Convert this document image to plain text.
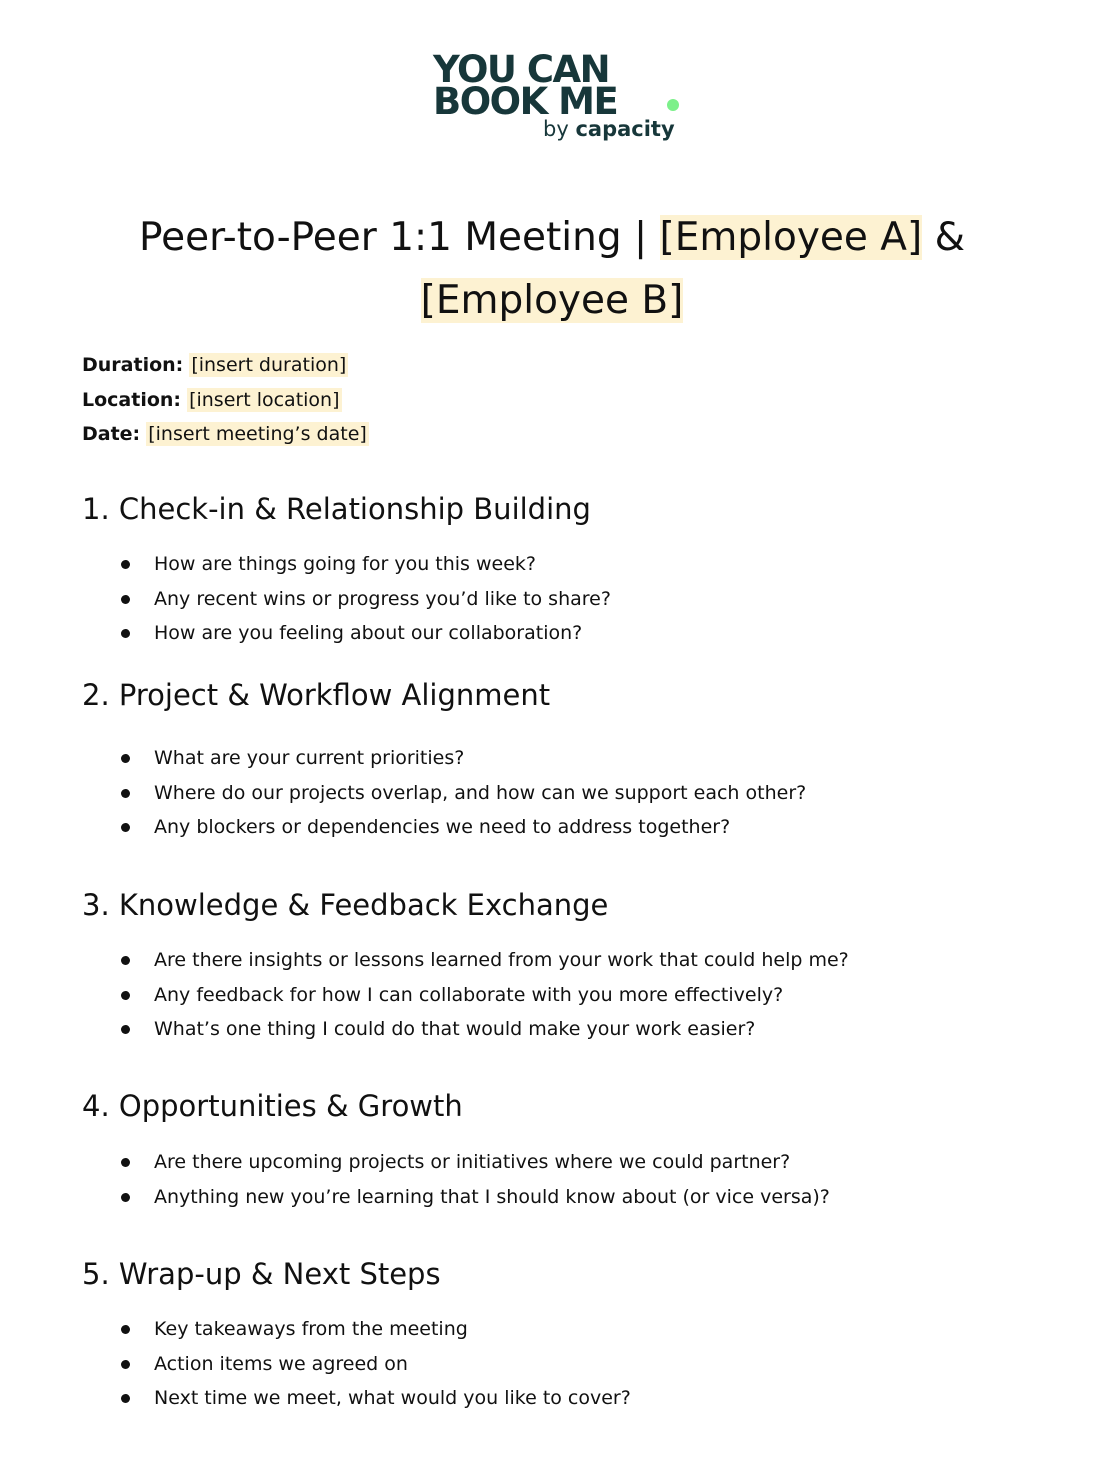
YOU CAN
BOOK ME
by capacity
Peer-to-Peer 1:1 Meeting | [Employee A] &
[Employee B]
Duration: [insert duration]
Location: [insert location]
Date: [insert meeting’s date]
1. Check-in & Relationship Building
How are things going for you this week?
Any recent wins or progress you’d like to share?
How are you feeling about our collaboration?
2. Project & Workflow Alignment
What are your current priorities?
Where do our projects overlap, and how can we support each other?
Any blockers or dependencies we need to address together?
3. Knowledge & Feedback Exchange
Are there insights or lessons learned from your work that could help me?
Any feedback for how I can collaborate with you more effectively?
What’s one thing I could do that would make your work easier?
4. Opportunities & Growth
Are there upcoming projects or initiatives where we could partner?
Anything new you’re learning that I should know about (or vice versa)?
5. Wrap-up & Next Steps
Key takeaways from the meeting
Action items we agreed on
Next time we meet, what would you like to cover?
